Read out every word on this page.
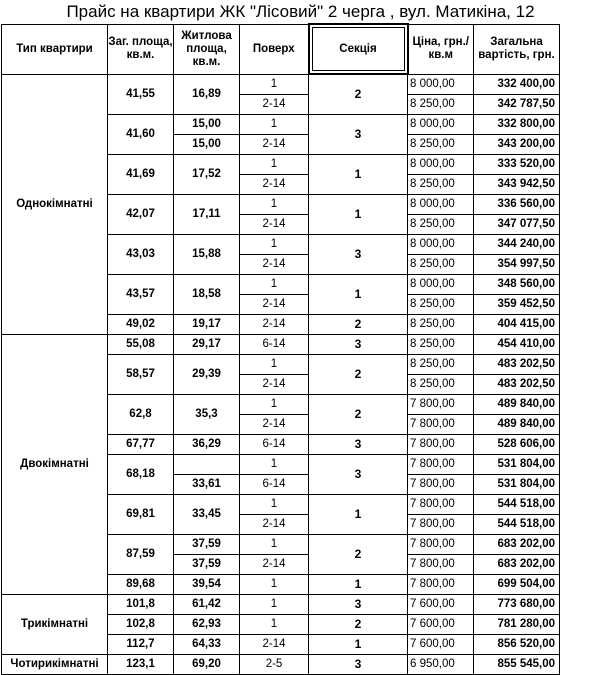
Прайс на квартири ЖК "Лісовий" 2 черга , вул. Матикіна, 12
Тип квартири	Заг. площа, кв.м.	Житлова площа, кв.м.	Поверх	Секція	Ціна, грн./кв.м	Загальна вартість, грн.
Однокімнатні	41,55	16,89	1	2	8 000,00	332 400,00
			2-14		8 250,00	342 787,50
	41,60	15,00	1	3	8 000,00	332 800,00
		15,00	2-14		8 250,00	343 200,00
	41,69	17,52	1	1	8 000,00	333 520,00
			2-14		8 250,00	343 942,50
	42,07	17,11	1	1	8 000,00	336 560,00
			2-14		8 250,00	347 077,50
	43,03	15,88	1	3	8 000,00	344 240,00
			2-14		8 250,00	354 997,50
	43,57	18,58	1	1	8 000,00	348 560,00
			2-14		8 250,00	359 452,50
	49,02	19,17	2-14	2	8 250,00	404 415,00
Двокімнатні	55,08	29,17	6-14	3	8 250,00	454 410,00
	58,57	29,39	1	2	8 250,00	483 202,50
			2-14		8 250,00	483 202,50
	62,8	35,3	1	2	7 800,00	489 840,00
			2-14		7 800,00	489 840,00
	67,77	36,29	6-14	3	7 800,00	528 606,00
	68,18		1	3	7 800,00	531 804,00
		33,61	6-14		7 800,00	531 804,00
	69,81	33,45	1	1	7 800,00	544 518,00
			2-14		7 800,00	544 518,00
	87,59	37,59	1	2	7 800,00	683 202,00
		37,59	2-14		7 800,00	683 202,00
	89,68	39,54	1	1	7 800,00	699 504,00
Трикімнатні	101,8	61,42	1	3	7 600,00	773 680,00
	102,8	62,93	1	2	7 600,00	781 280,00
	112,7	64,33	2-14	1	7 600,00	856 520,00
Чотирикімнатні	123,1	69,20	2-5	3	6 950,00	855 545,00
